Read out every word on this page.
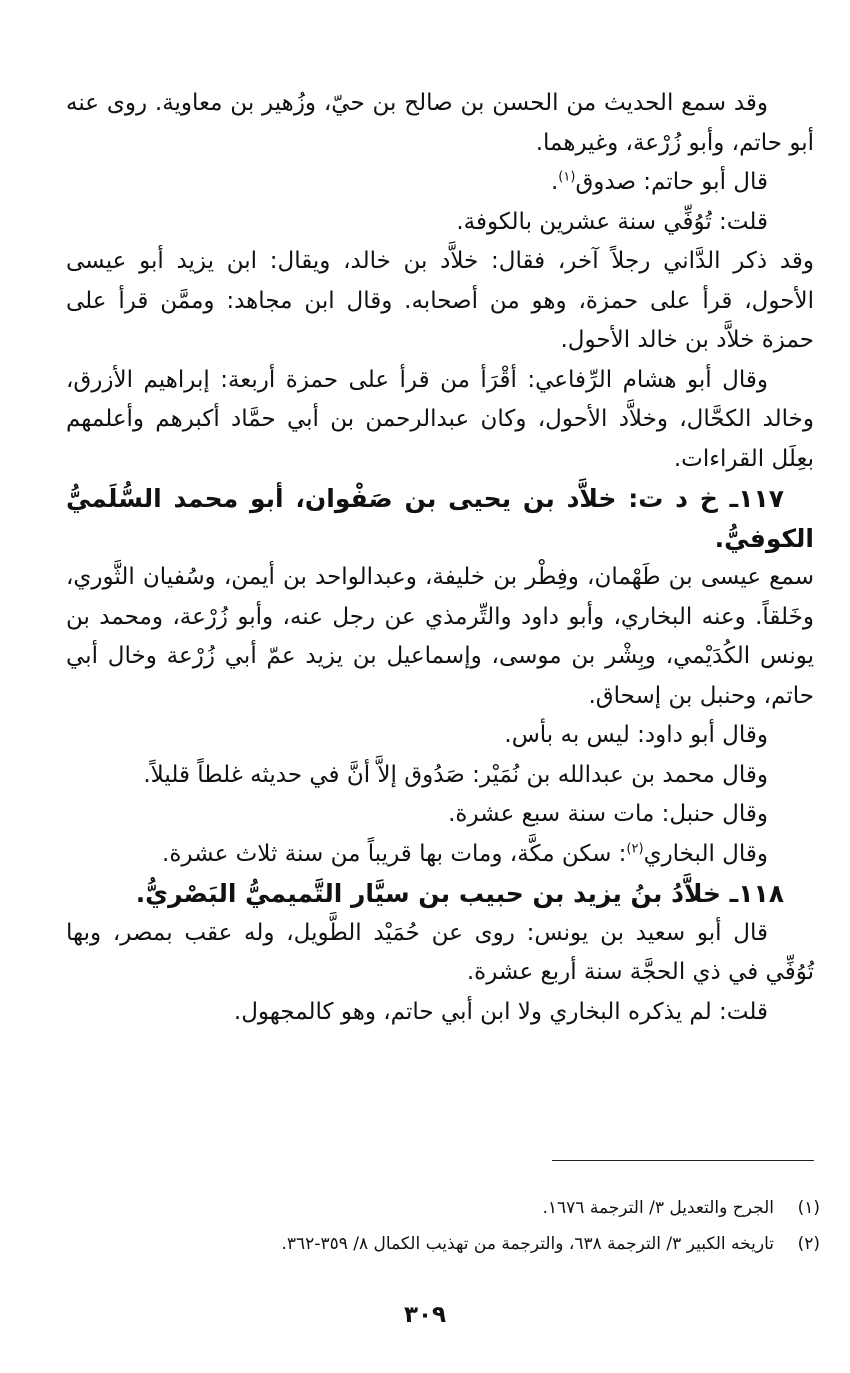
وقد سمع الحديث من الحسن بن صالح بن حيّ، وزُهير بن معاوية. روى عنه أبو حاتم، وأبو زُرْعة، وغيرهما.

قال أبو حاتم: صدوق$^{(١)}$.

قلت: تُوُفِّي سنة عشرين بالكوفة.

وقد ذكر الدَّاني رجلاً آخر، فقال: خلاَّد بن خالد، ويقال: ابن يزيد أبو عيسى الأحول، قرأ على حمزة، وهو من أصحابه. وقال ابن مجاهد: وممَّن قرأ على حمزة خلاَّد بن خالد الأحول.

وقال أبو هشام الرِّفاعي: أقْرَأ من قرأ على حمزة أربعة: إبراهيم الأزرق، وخالد الكحَّال، وخلاَّد الأحول، وكان عبدالرحمن بن أبي حمَّاد أكبرهم وأعلمهم بعِلَل القراءات.

١١٧ـ خ د ت: خلاَّد بن يحيى بن صَفْوان، أبو محمد السُّلَميُّ الكوفيُّ.

سمع عيسى بن طَهْمان، وفِطْر بن خليفة، وعبدالواحد بن أيمن، وسُفيان الثَّوري، وخَلقاً. وعنه البخاري، وأبو داود والتِّرمذي عن رجل عنه، وأبو زُرْعة، ومحمد بن يونس الكُدَيْمي، وبِشْر بن موسى، وإسماعيل بن يزيد عمّ أبي زُرْعة وخال أبي حاتم، وحنبل بن إسحاق.

وقال أبو داود: ليس به بأس.

وقال محمد بن عبدالله بن نُمَيْر: صَدُوق إلاَّ أنَّ في حديثه غلطاً قليلاً.

وقال حنبل: مات سنة سبع عشرة.

وقال البخاري$^{(٢)}$: سكن مكَّة، ومات بها قريباً من سنة ثلاث عشرة.

١١٨ـ خلاَّدُ بنُ يزيد بن حبيب بن سيَّار التَّميميُّ البَصْريُّ.

قال أبو سعيد بن يونس: روى عن حُمَيْد الطَّويل، وله عقب بمصر، وبها تُوُفِّي في ذي الحجَّة سنة أربع عشرة.

قلت: لم يذكره البخاري ولا ابن أبي حاتم، وهو كالمجهول.

(١)الجرح والتعديل ٣/ الترجمة ١٦٧٦.

(٢)تاريخه الكبير ٣/ الترجمة ٦٣٨، والترجمة من تهذيب الكمال ٨/ ٣٥٩-٣٦٢.

٣٠٩
